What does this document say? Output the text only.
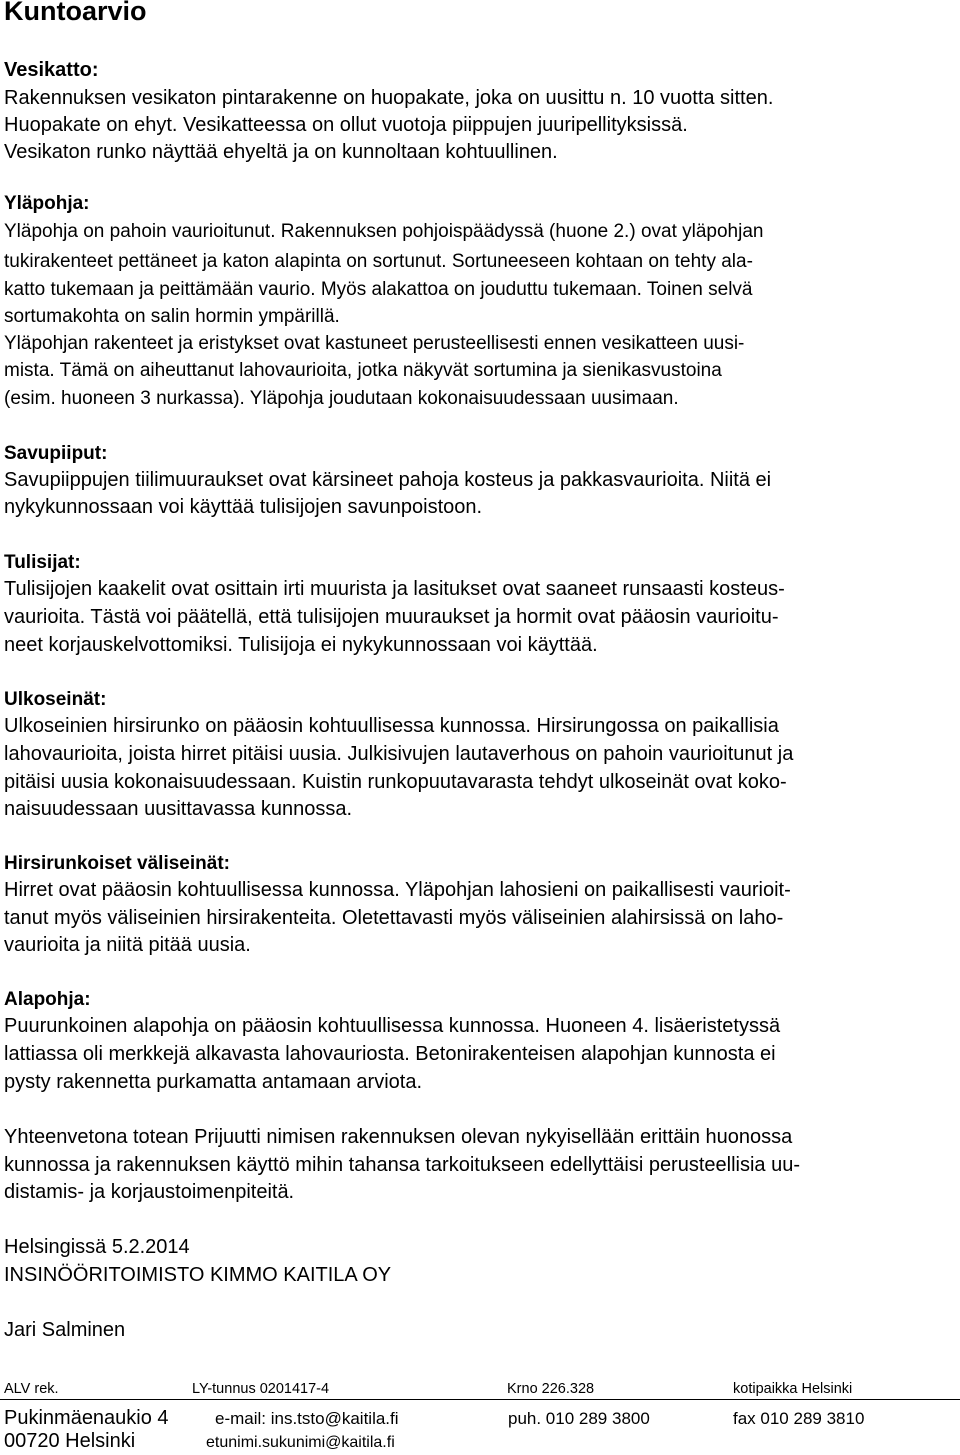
Kuntoarvio
Vesikatto:
Rakennuksen vesikaton pintarakenne on huopakate, joka on uusittu n. 10 vuotta sitten.
Huopakate on ehyt. Vesikatteessa on ollut vuotoja piippujen juuripellityksissä.
Vesikaton runko näyttää ehyeltä ja on kunnoltaan kohtuullinen.
Yläpohja:
Yläpohja on pahoin vaurioitunut. Rakennuksen pohjoispäädyssä (huone 2.) ovat yläpohjan
tukirakenteet pettäneet ja katon alapinta on sortunut. Sortuneeseen kohtaan on tehty ala-
katto tukemaan ja peittämään vaurio. Myös alakattoa on jouduttu tukemaan. Toinen selvä
sortumakohta on salin hormin ympärillä.
Yläpohjan rakenteet ja eristykset ovat kastuneet perusteellisesti ennen vesikatteen uusi-
mista. Tämä on aiheuttanut lahovaurioita, jotka näkyvät sortumina ja sienikasvustoina
(esim. huoneen 3 nurkassa). Yläpohja joudutaan kokonaisuudessaan uusimaan.
Savupiiput:
Savupiippujen tiilimuuraukset ovat kärsineet pahoja kosteus ja pakkasvaurioita. Niitä ei
nykykunnossaan voi käyttää tulisijojen savunpoistoon.
Tulisijat:
Tulisijojen kaakelit ovat osittain irti muurista ja lasitukset ovat saaneet runsaasti kosteus-
vaurioita. Tästä voi päätellä, että tulisijojen muuraukset ja hormit ovat pääosin vaurioitu-
neet korjauskelvottomiksi. Tulisijoja ei nykykunnossaan voi käyttää.
Ulkoseinät:
Ulkoseinien hirsirunko on pääosin kohtuullisessa kunnossa. Hirsirungossa on paikallisia
lahovaurioita, joista hirret pitäisi uusia. Julkisivujen lautaverhous on pahoin vaurioitunut ja
pitäisi uusia kokonaisuudessaan. Kuistin runkopuutavarasta tehdyt ulkoseinät ovat koko-
naisuudessaan uusittavassa kunnossa.
Hirsirunkoiset väliseinät:
Hirret ovat pääosin kohtuullisessa kunnossa. Yläpohjan lahosieni on paikallisesti vaurioit-
tanut myös väliseinien hirsirakenteita. Oletettavasti myös väliseinien alahirsissä on laho-
vaurioita ja niitä pitää uusia.
Alapohja:
Puurunkoinen alapohja on pääosin kohtuullisessa kunnossa. Huoneen 4. lisäeristetyssä
lattiassa oli merkkejä alkavasta lahovauriosta. Betonirakenteisen alapohjan kunnosta ei
pysty rakennetta purkamatta antamaan arviota.
Yhteenvetona totean Prijuutti nimisen rakennuksen olevan nykyisellään erittäin huonossa
kunnossa ja rakennuksen käyttö mihin tahansa tarkoitukseen edellyttäisi perusteellisia uu-
distamis- ja korjaustoimenpiteitä.
Helsingissä 5.2.2014
INSINÖÖRITOIMISTO KIMMO KAITILA OY
Jari Salminen
ALV rek.	LY-tunnus 0201417-4	Krno 226.328	kotipaikka Helsinki
Pukinmäenaukio 4	e-mail: ins.tsto@kaitila.fi	puh. 010 289 3800	fax 010 289 3810
00720 Helsinki	etunimi.sukunimi@kaitila.fi
